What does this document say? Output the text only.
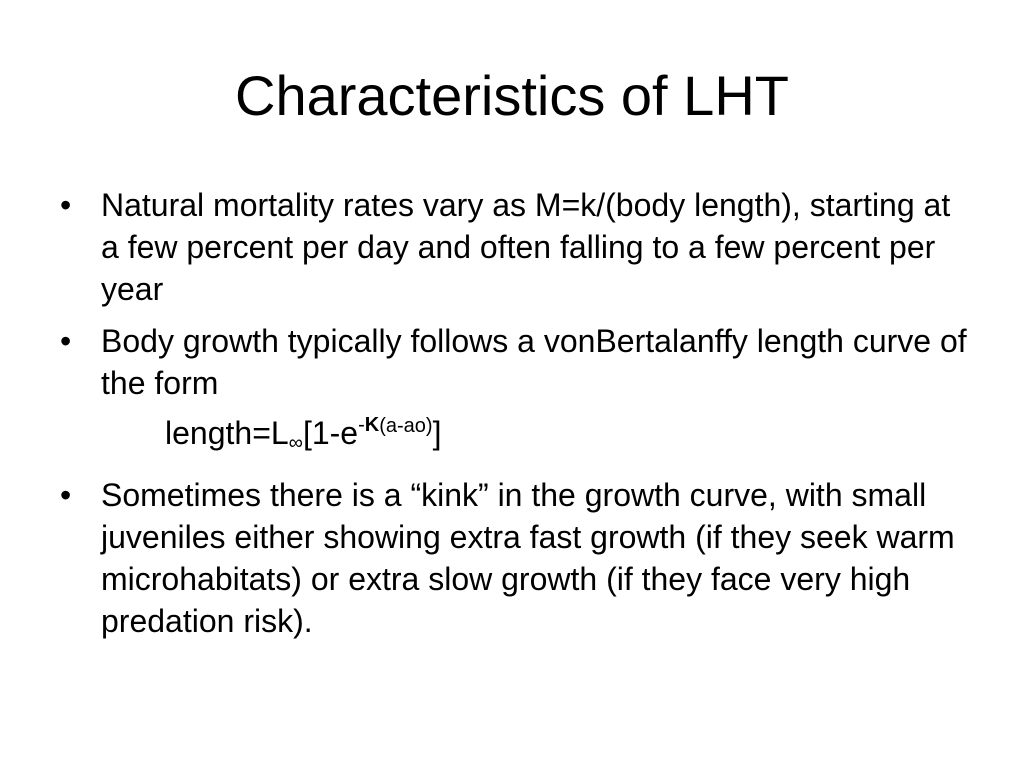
Characteristics of LHT
• Natural mortality rates vary as M=k/(body length), starting at a few percent per day and often falling to a few percent per year
• Body growth typically follows a vonBertalanffy length curve of the form
$length=L\infty[1-e^{-K(a-ao)}]$
• Sometimes there is a “kink” in the growth curve, with small juveniles either showing extra fast growth (if they seek warm microhabitats) or extra slow growth (if they face very high predation risk).
